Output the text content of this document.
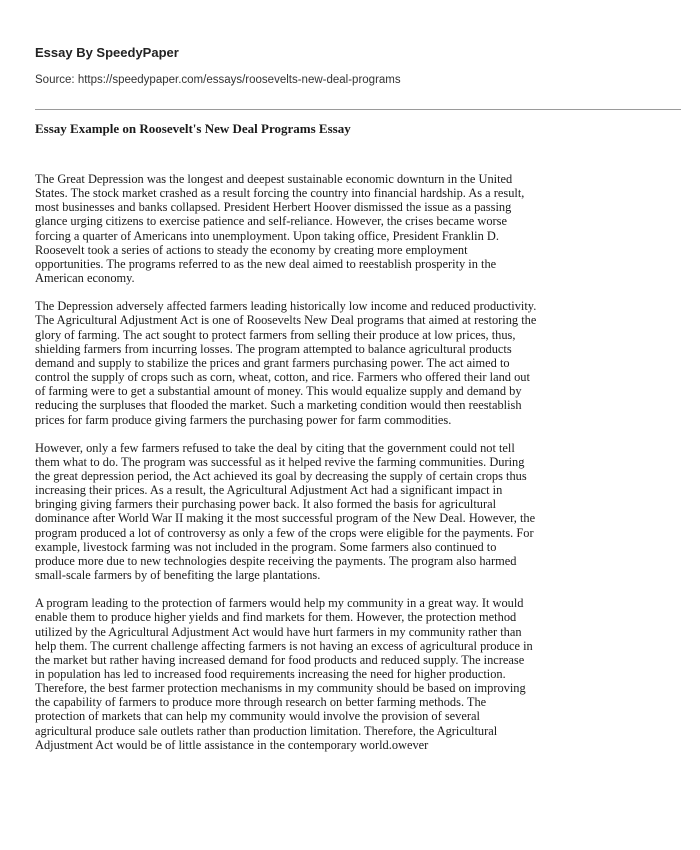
Essay By SpeedyPaper
Source: https://speedypaper.com/essays/roosevelts-new-deal-programs
Essay Example on Roosevelt's New Deal Programs Essay
The Great Depression was the longest and deepest sustainable economic downturn in the United
States. The stock market crashed as a result forcing the country into financial hardship. As a result,
most businesses and banks collapsed. President Herbert Hoover dismissed the issue as a passing
glance urging citizens to exercise patience and self-reliance. However, the crises became worse
forcing a quarter of Americans into unemployment. Upon taking office, President Franklin D.
Roosevelt took a series of actions to steady the economy by creating more employment
opportunities. The programs referred to as the new deal aimed to reestablish prosperity in the
American economy.
The Depression adversely affected farmers leading historically low income and reduced productivity.
The Agricultural Adjustment Act is one of Roosevelts New Deal programs that aimed at restoring the
glory of farming. The act sought to protect farmers from selling their produce at low prices, thus,
shielding farmers from incurring losses. The program attempted to balance agricultural products
demand and supply to stabilize the prices and grant farmers purchasing power. The act aimed to
control the supply of crops such as corn, wheat, cotton, and rice. Farmers who offered their land out
of farming were to get a substantial amount of money. This would equalize supply and demand by
reducing the surpluses that flooded the market. Such a marketing condition would then reestablish
prices for farm produce giving farmers the purchasing power for farm commodities.
However, only a few farmers refused to take the deal by citing that the government could not tell
them what to do. The program was successful as it helped revive the farming communities. During
the great depression period, the Act achieved its goal by decreasing the supply of certain crops thus
increasing their prices. As a result, the Agricultural Adjustment Act had a significant impact in
bringing giving farmers their purchasing power back. It also formed the basis for agricultural
dominance after World War II making it the most successful program of the New Deal. However, the
program produced a lot of controversy as only a few of the crops were eligible for the payments. For
example, livestock farming was not included in the program. Some farmers also continued to
produce more due to new technologies despite receiving the payments. The program also harmed
small-scale farmers by of benefiting the large plantations.
A program leading to the protection of farmers would help my community in a great way. It would
enable them to produce higher yields and find markets for them. However, the protection method
utilized by the Agricultural Adjustment Act would have hurt farmers in my community rather than
help them. The current challenge affecting farmers is not having an excess of agricultural produce in
the market but rather having increased demand for food products and reduced supply. The increase
in population has led to increased food requirements increasing the need for higher production.
Therefore, the best farmer protection mechanisms in my community should be based on improving
the capability of farmers to produce more through research on better farming methods. The
protection of markets that can help my community would involve the provision of several
agricultural produce sale outlets rather than production limitation. Therefore, the Agricultural
Adjustment Act would be of little assistance in the contemporary world.owever
